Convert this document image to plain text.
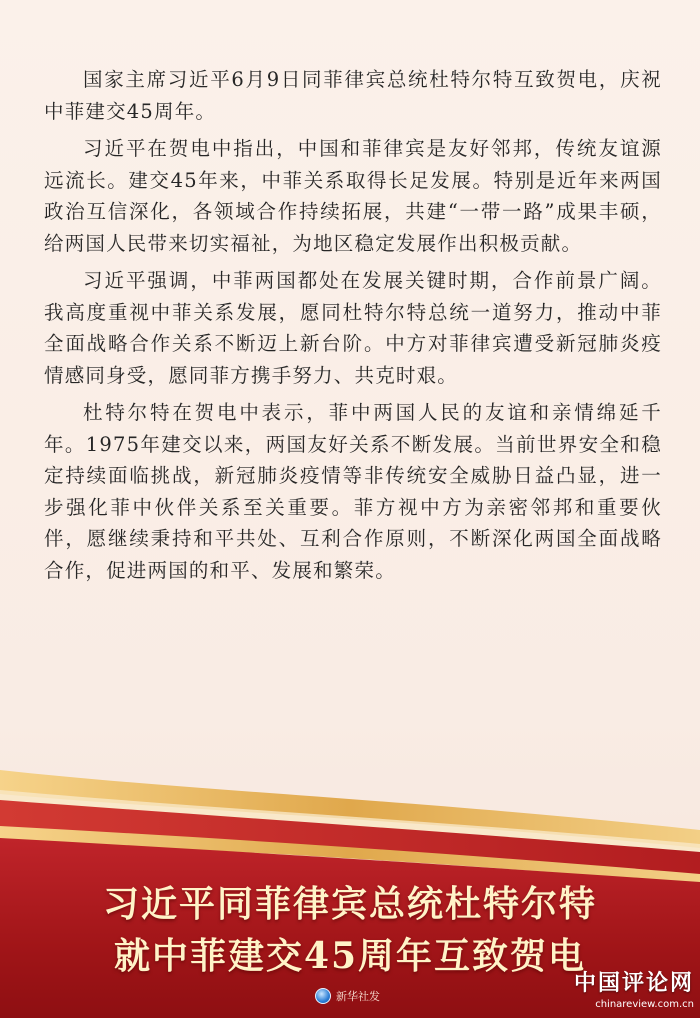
国家主席习近平6月9日同菲律宾总统杜特尔特互致贺电，庆祝中菲建交45周年。

习近平在贺电中指出，中国和菲律宾是友好邻邦，传统友谊源远流长。建交45年来，中菲关系取得长足发展。特别是近年来两国政治互信深化，各领域合作持续拓展，共建“一带一路”成果丰硕，给两国人民带来切实福祉，为地区稳定发展作出积极贡献。

习近平强调，中菲两国都处在发展关键时期，合作前景广阔。我高度重视中菲关系发展，愿同杜特尔特总统一道努力，推动中菲全面战略合作关系不断迈上新台阶。中方对菲律宾遭受新冠肺炎疫情感同身受，愿同菲方携手努力、共克时艰。

杜特尔特在贺电中表示，菲中两国人民的友谊和亲情绵延千年。1975年建交以来，两国友好关系不断发展。当前世界安全和稳定持续面临挑战，新冠肺炎疫情等非传统安全威胁日益凸显，进一步强化菲中伙伴关系至关重要。菲方视中方为亲密邻邦和重要伙伴，愿继续秉持和平共处、互利合作原则，不断深化两国全面战略合作，促进两国的和平、发展和繁荣。

习近平同菲律宾总统杜特尔特
就中菲建交45周年互致贺电
新华社发
中国评论网
chinareview.com.cn
